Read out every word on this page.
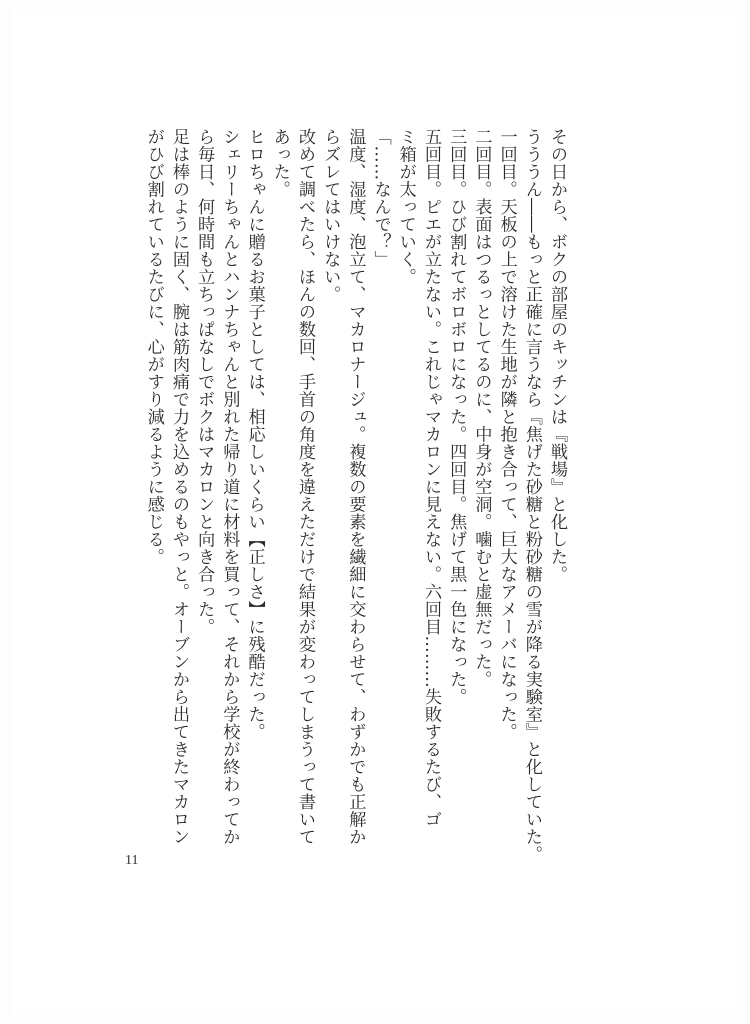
その日から、ボクの部屋のキッチンは『戦場』と化した。

うううん――もっと正確に言うなら『焦げた砂糖と粉砂糖の雪が降る実験室』と化していた。

一回目。天板の上で溶けた生地が隣と抱き合って、巨大なアメーバになった。

二回目。表面はつるっとしてるのに、中身が空洞。噛むと虚無だった。

三回目。ひび割れてボロボロになった。四回目。焦げて黒一色になった。

五回目。ピエが立たない。これじゃマカロンに見えない。六回目………失敗するたび、ゴ

ミ箱が太っていく。

「……なんで？」

温度、湿度、泡立て、マカロナージュ。複数の要素を繊細に交わらせて、わずかでも正解か

らズレてはいけない。

改めて調べたら、ほんの数回、手首の角度を違えただけで結果が変わってしまうって書いて

あった。

ヒロちゃんに贈るお菓子としては、相応しいくらい【正しさ】に残酷だった。

シェリーちゃんとハンナちゃんと別れた帰り道に材料を買って、それから学校が終わってか

ら毎日、何時間も立ちっぱなしでボクはマカロンと向き合った。

足は棒のように固く、腕は筋肉痛で力を込めるのもやっと。オーブンから出てきたマカロン

がひび割れているたびに、心がすり減るように感じる。

11
